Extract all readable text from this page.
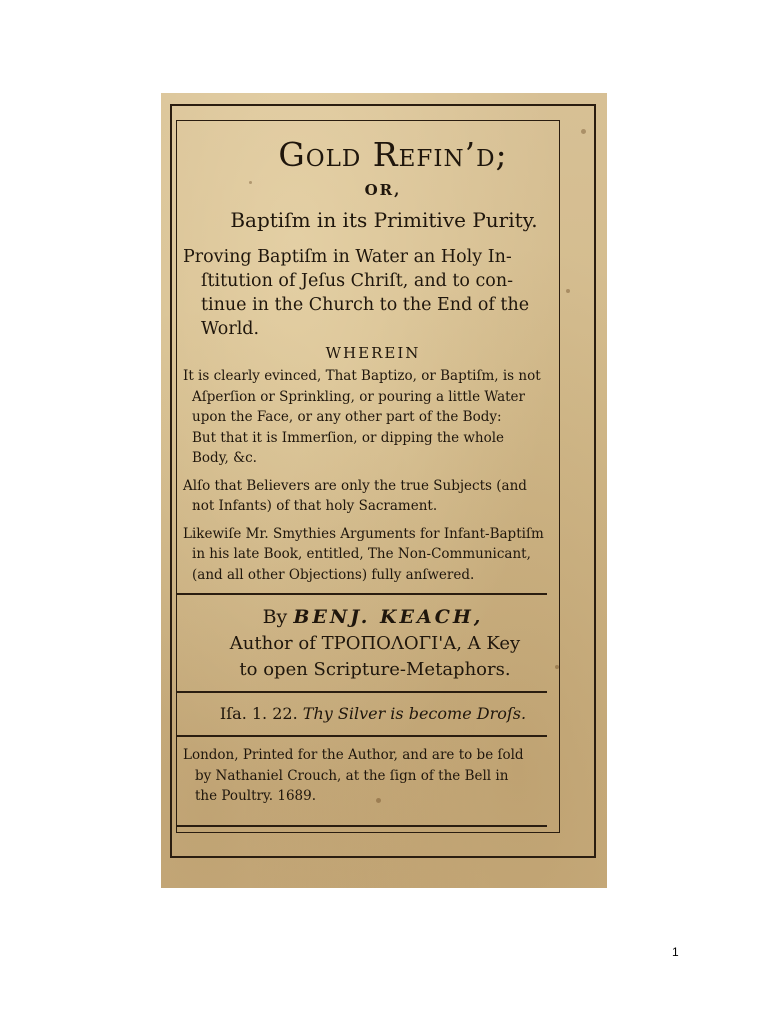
Gold Refin’d;
OR,
Baptiſm in its Primitive Purity.
Proving Baptiſm in Water an Holy In-
ſtitution of Jeſus Chriſt, and to con-
tinue in the Church to the End of the
World.
WHEREIN
It is clearly evinced, That Baptizo, or Baptiſm, is not
Aſperſion or Sprinkling, or pouring a little Water
upon the Face, or any other part of the Body:
But that it is Immerſion, or dipping the whole
Body, &c.
Alſo that Believers are only the true Subjects (and
not Infants) of that holy Sacrament.
Likewiſe Mr. Smythies Arguments for Infant-Baptiſm
in his late Book, entitled, The Non-Communicant,
(and all other Objections) fully anſwered.
By BENJ. KEACH,
Author of ΤΡΟΠΟΛΟΓΙ'Α, A Key
to open Scripture-Metaphors.
Iſa. 1. 22. Thy Silver is become Droſs.
London, Printed for the Author, and are to be ſold
by Nathaniel Crouch, at the ſign of the Bell in
the Poultry. 1689.
1
